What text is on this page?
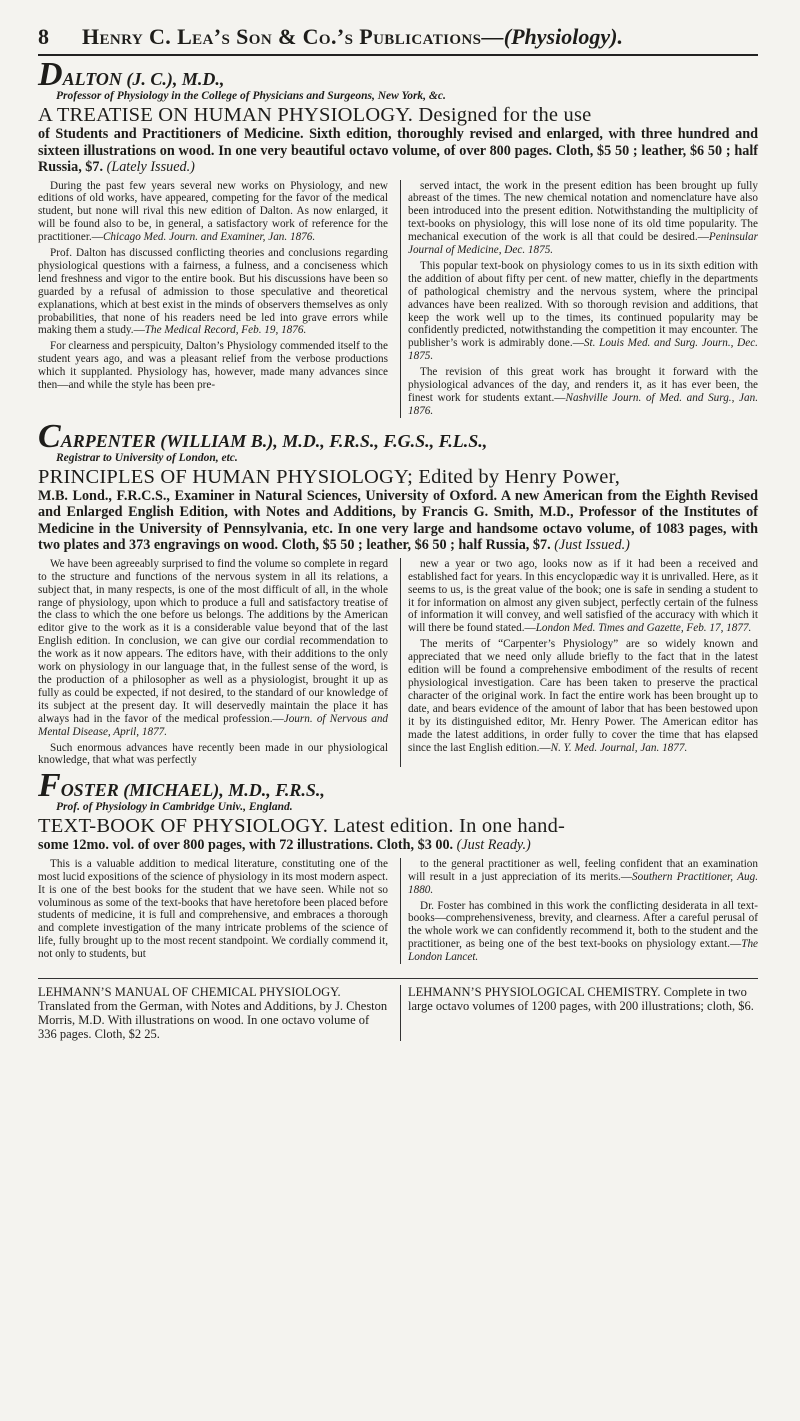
8	Henry C. Lea’s Son & Co.’s Publications— (Physiology).
DALTON (J. C.), M.D.,
Professor of Physiology in the College of Physicians and Surgeons, New York, &c.
A TREATISE ON HUMAN PHYSIOLOGY. Designed for the use
of Students and Practitioners of Medicine. Sixth edition, thoroughly revised and enlarged, with three hundred and sixteen illustrations on wood. In one very beautiful octavo volume, of over 800 pages. Cloth, $5 50 ; leather, $6 50 ; half Russia, $7. (Lately Issued.)

During the past few years several new works on Physiology, and new editions of old works, have appeared, competing for the favor of the medical student, but none will rival this new edition of Dalton. As now enlarged, it will be found also to be, in general, a satisfactory work of reference for the practitioner.—Chicago Med. Journ. and Examiner, Jan. 1876.

Prof. Dalton has discussed conflicting theories and conclusions regarding physiological questions with a fairness, a fulness, and a conciseness which lend freshness and vigor to the entire book. But his discussions have been so guarded by a refusal of admission to those speculative and theoretical explanations, which at best exist in the minds of observers themselves as only probabilities, that none of his readers need be led into grave errors while making them a study.—The Medical Record, Feb. 19, 1876.

For clearness and perspicuity, Dalton’s Physiology commended itself to the student years ago, and was a pleasant relief from the verbose productions which it supplanted. Physiology has, however, made many advances since then—and while the style has been pre-

served intact, the work in the present edition has been brought up fully abreast of the times. The new chemical notation and nomenclature have also been introduced into the present edition. Notwithstanding the multiplicity of text-books on physiology, this will lose none of its old time popularity. The mechanical execution of the work is all that could be desired.—Peninsular Journal of Medicine, Dec. 1875.

This popular text-book on physiology comes to us in its sixth edition with the addition of about fifty per cent. of new matter, chiefly in the departments of pathological chemistry and the nervous system, where the principal advances have been realized. With so thorough revision and additions, that keep the work well up to the times, its continued popularity may be confidently predicted, notwithstanding the competition it may encounter. The publisher’s work is admirably done.—St. Louis Med. and Surg. Journ., Dec. 1875.

The revision of this great work has brought it forward with the physiological advances of the day, and renders it, as it has ever been, the finest work for students extant.—Nashville Journ. of Med. and Surg., Jan. 1876.

CARPENTER (WILLIAM B.), M.D., F.R.S., F.G.S., F.L.S.,
Registrar to University of London, etc.
PRINCIPLES OF HUMAN PHYSIOLOGY; Edited by Henry Power,
M.B. Lond., F.R.C.S., Examiner in Natural Sciences, University of Oxford. A new American from the Eighth Revised and Enlarged English Edition, with Notes and Additions, by Francis G. Smith, M.D., Professor of the Institutes of Medicine in the University of Pennsylvania, etc. In one very large and handsome octavo volume, of 1083 pages, with two plates and 373 engravings on wood. Cloth, $5 50 ; leather, $6 50 ; half Russia, $7. (Just Issued.)

We have been agreeably surprised to find the volume so complete in regard to the structure and functions of the nervous system in all its relations, a subject that, in many respects, is one of the most difficult of all, in the whole range of physiology, upon which to produce a full and satisfactory treatise of the class to which the one before us belongs. The additions by the American editor give to the work as it is a considerable value beyond that of the last English edition. In conclusion, we can give our cordial recommendation to the work as it now appears. The editors have, with their additions to the only work on physiology in our language that, in the fullest sense of the word, is the production of a philosopher as well as a physiologist, brought it up as fully as could be expected, if not desired, to the standard of our knowledge of its subject at the present day. It will deservedly maintain the place it has always had in the favor of the medical profession.—Journ. of Nervous and Mental Disease, April, 1877.

Such enormous advances have recently been made in our physiological knowledge, that what was perfectly

new a year or two ago, looks now as if it had been a received and established fact for years. In this encyclopædic way it is unrivalled. Here, as it seems to us, is the great value of the book; one is safe in sending a student to it for information on almost any given subject, perfectly certain of the fulness of information it will convey, and well satisfied of the accuracy with which it will there be found stated.—London Med. Times and Gazette, Feb. 17, 1877.

The merits of “Carpenter’s Physiology” are so widely known and appreciated that we need only allude briefly to the fact that in the latest edition will be found a comprehensive embodiment of the results of recent physiological investigation. Care has been taken to preserve the practical character of the original work. In fact the entire work has been brought up to date, and bears evidence of the amount of labor that has been bestowed upon it by its distinguished editor, Mr. Henry Power. The American editor has made the latest additions, in order fully to cover the time that has elapsed since the last English edition.—N. Y. Med. Journal, Jan. 1877.

FOSTER (MICHAEL), M.D., F.R.S.,
Prof. of Physiology in Cambridge Univ., England.
TEXT-BOOK OF PHYSIOLOGY. Latest edition. In one hand-
some 12mo. vol. of over 800 pages, with 72 illustrations. Cloth, $3 00. (Just Ready.)

This is a valuable addition to medical literature, constituting one of the most lucid expositions of the science of physiology in its most modern aspect. It is one of the best books for the student that we have seen. While not so voluminous as some of the text-books that have heretofore been placed before students of medicine, it is full and comprehensive, and embraces a thorough and complete investigation of the many intricate problems of the science of life, fully brought up to the most recent standpoint. We cordially commend it, not only to students, but

to the general practitioner as well, feeling confident that an examination will result in a just appreciation of its merits.—Southern Practitioner, Aug. 1880.

Dr. Foster has combined in this work the conflicting desiderata in all text-books—comprehensiveness, brevity, and clearness. After a careful perusal of the whole work we can confidently recommend it, both to the student and the practitioner, as being one of the best text-books on physiology extant.—The London Lancet.

LEHMANN’S MANUAL OF CHEMICAL PHYSIOLOGY. Translated from the German, with Notes and Additions, by J. Cheston Morris, M.D. With illustrations on wood. In one octavo volume of 336 pages. Cloth, $2 25.
LEHMANN’S PHYSIOLOGICAL CHEMISTRY. Complete in two large octavo volumes of 1200 pages, with 200 illustrations; cloth, $6.
